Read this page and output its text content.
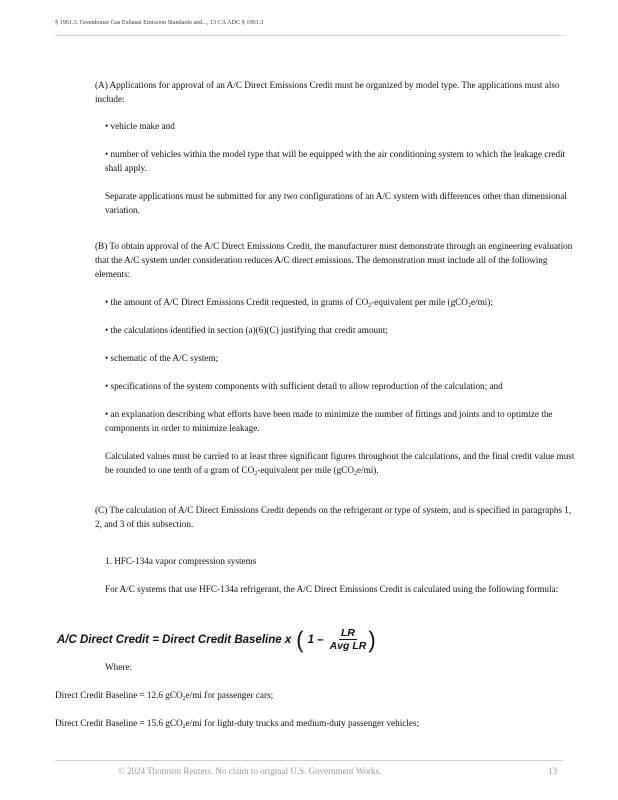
§ 1961.3. Greenhouse Gas Exhaust Emission Standards and..., 13 CA ADC § 1961.3

(A) Applications for approval of an A/C Direct Emissions Credit must be organized by model type. The applications must also include:

• vehicle make and

• number of vehicles within the model type that will be equipped with the air conditioning system to which the leakage credit shall apply.

Separate applications must be submitted for any two configurations of an A/C system with differences other than dimensional variation.

(B) To obtain approval of the A/C Direct Emissions Credit, the manufacturer must demonstrate through an engineering evaluation that the A/C system under consideration reduces A/C direct emissions. The demonstration must include all of the following elements:

• the amount of A/C Direct Emissions Credit requested, in grams of $CO_2$-equivalent per mile (gCO$_2$e/mi);

• the calculations identified in section (a)(6)(C) justifying that credit amount;

• schematic of the A/C system;

• specifications of the system components with sufficient detail to allow reproduction of the calculation; and

• an explanation describing what efforts have been made to minimize the number of fittings and joints and to optimize the components in order to minimize leakage.

Calculated values must be carried to at least three significant figures throughout the calculations, and the final credit value must be rounded to one tenth of a gram of $CO_2$-equivalent per mile (gCO$_2$e/mi).

(C) The calculation of A/C Direct Emissions Credit depends on the refrigerant or type of system, and is specified in paragraphs 1, 2, and 3 of this subsection.

1. HFC-134a vapor compression systems

For A/C systems that use HFC-134a refrigerant, the A/C Direct Emissions Credit is calculated using the following formula:

A/C Direct Credit = Direct Credit Baseline x ( $1 - \frac{LR}{\text{Avg LR}}$ )

Where:

Direct Credit Baseline = 12.6 gCO$_2$e/mi for passenger cars;

Direct Credit Baseline = 15.6 gCO$_2$e/mi for light-duty trucks and medium-duty passenger vehicles;

© 2024 Thomson Reuters. No claim to original U.S. Government Works.	13
